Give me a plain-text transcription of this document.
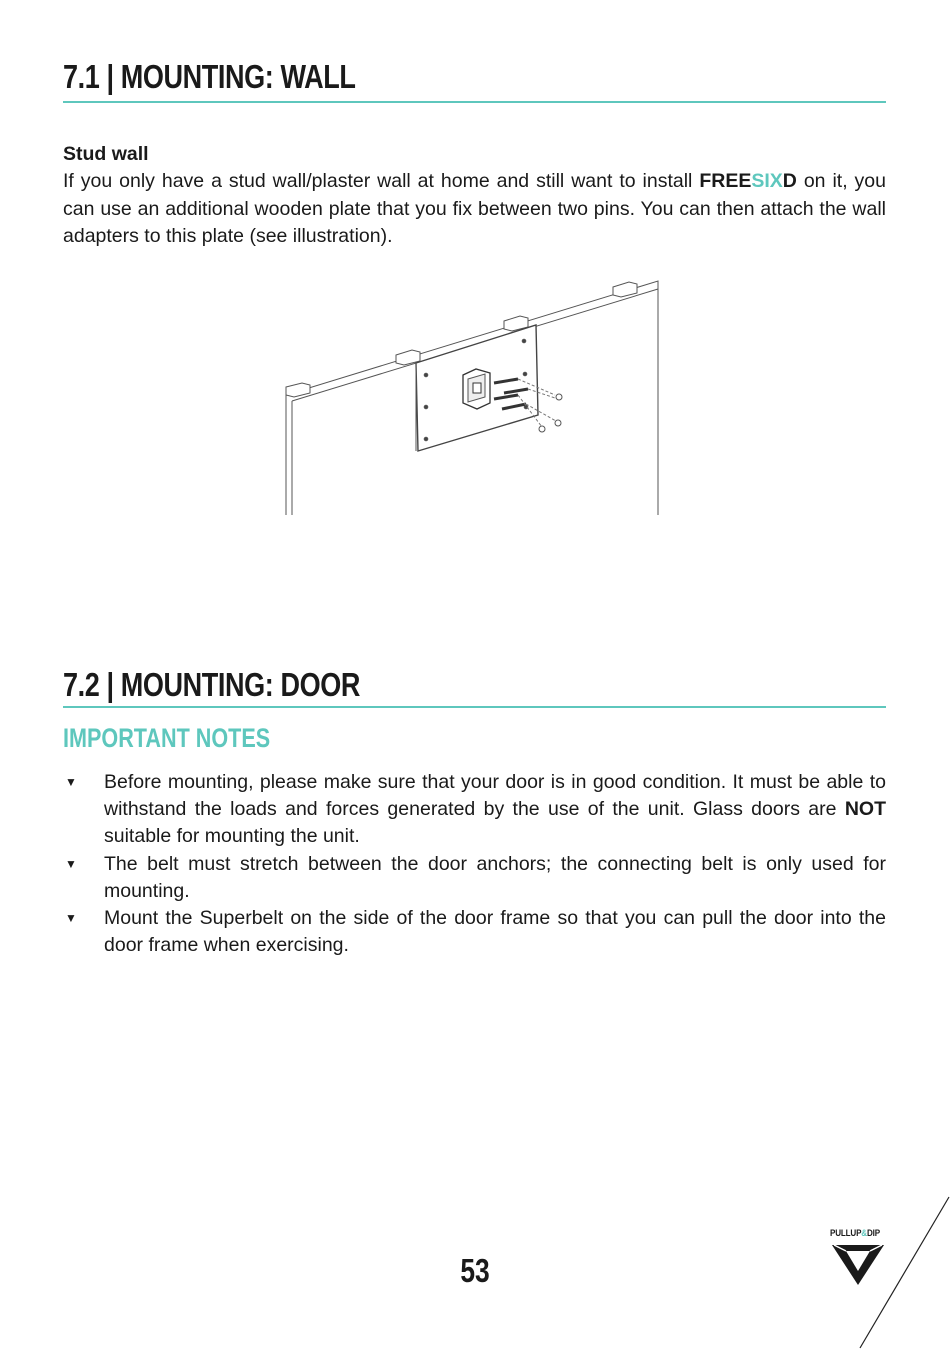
7.1 | MOUNTING: WALL
Stud wall
If you only have a stud wall/plaster wall at home and still want to install FREESIXD on it, you can use an additional wooden plate that you fix between two pins. You can then attach the wall adapters to this plate (see illustration).
7.2 | MOUNTING: DOOR
IMPORTANT NOTES
▼ Before mounting, please make sure that your door is in good condition. It must be able to withstand the loads and forces generated by the use of the unit. Glass doors are NOT suitable for mounting the unit.
▼ The belt must stretch between the door anchors; the connecting belt is only used for mounting.
▼ Mount the Superbelt on the side of the door frame so that you can pull the door into the door frame when exercising.
53
PULLUP&DIP
